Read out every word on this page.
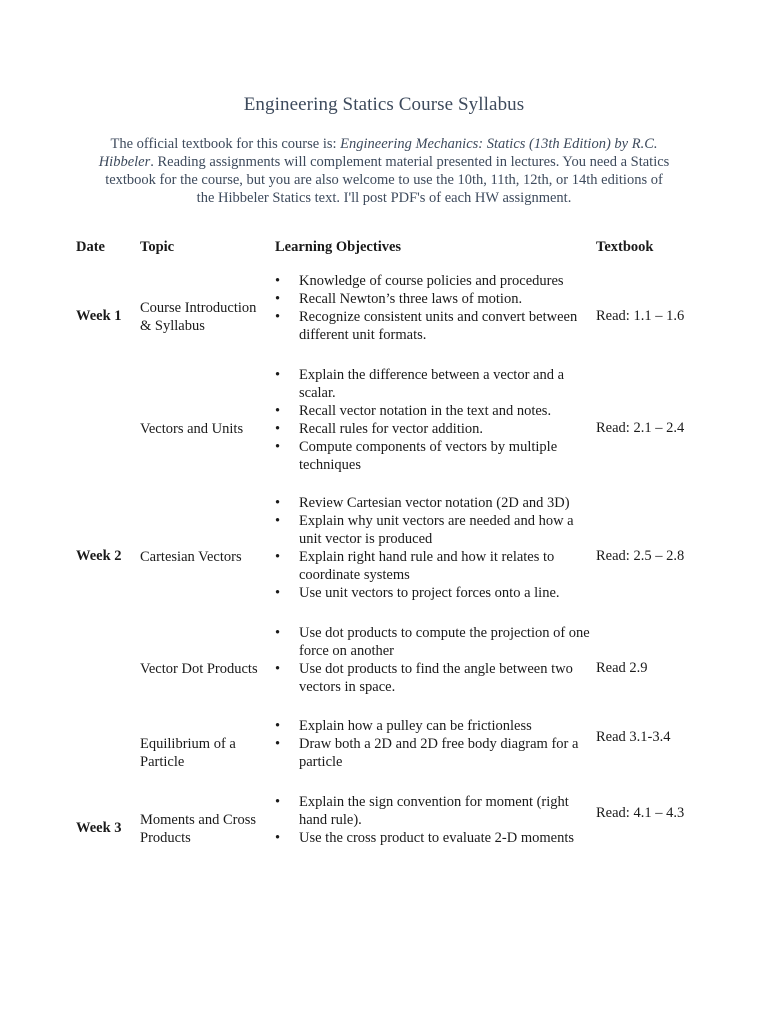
Engineering Statics Course Syllabus

The official textbook for this course is: Engineering Mechanics: Statics (13th Edition) by R.C. Hibbeler. Reading assignments will complement material presented in lectures. You need a Statics textbook for the course, but you are also welcome to use the 10th, 11th, 12th, or 14th editions of the Hibbeler Statics text. I'll post PDF's of each HW assignment.

Date Topic	Learning Objectives	Textbook
Week 1 Course Introduction & Syllabus
• Knowledge of course policies and procedures
• Recall Newton’s three laws of motion.
• Recognize consistent units and convert between different unit formats.
Read: 1.1 – 1.6
Vectors and Units
• Explain the difference between a vector and a scalar.
• Recall vector notation in the text and notes.
• Recall rules for vector addition.
• Compute components of vectors by multiple techniques
Read: 2.1 – 2.4
Week 2 Cartesian Vectors
• Review Cartesian vector notation (2D and 3D)
• Explain why unit vectors are needed and how a unit vector is produced
• Explain right hand rule and how it relates to coordinate systems
• Use unit vectors to project forces onto a line.
Read: 2.5 – 2.8
Vector Dot Products
• Use dot products to compute the projection of one force on another
• Use dot products to find the angle between two vectors in space.
Read 2.9
Equilibrium of a Particle
• Explain how a pulley can be frictionless
• Draw both a 2D and 2D free body diagram for a particle
Read 3.1-3.4
Week 3 Moments and Cross Products
• Explain the sign convention for moment (right hand rule).
• Use the cross product to evaluate 2-D moments
Read: 4.1 – 4.3
